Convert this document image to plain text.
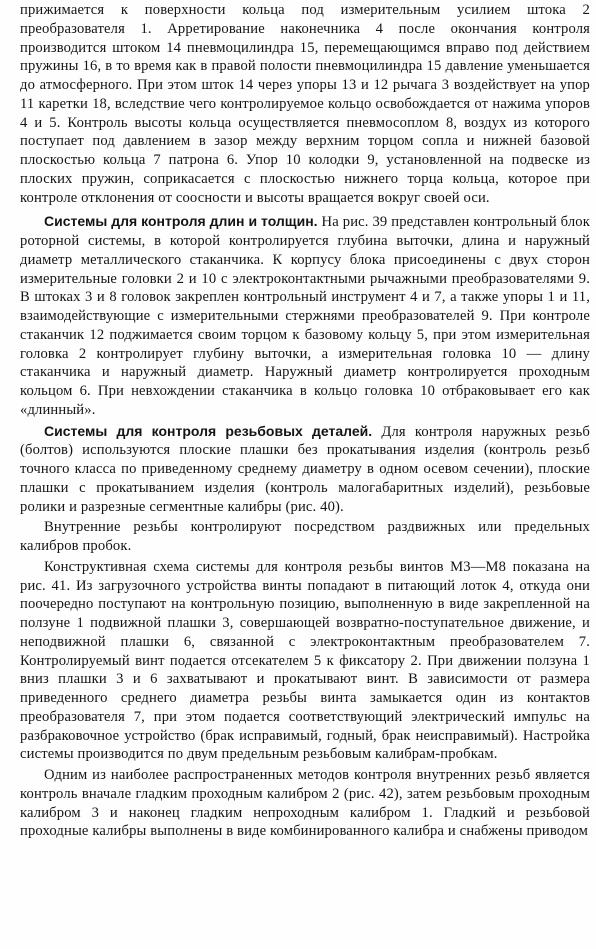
прижимается к поверхности кольца под измерительным усилием штока 2 преобразователя 1. Арретирование наконечника 4 после окончания контроля производится штоком 14 пневмоцилиндра 15, перемещающимся вправо под действием пружины 16, в то время как в правой полости пневмоцилиндра 15 давление уменьшается до атмосферного. При этом шток 14 через упоры 13 и 12 рычага 3 воздействует на упор 11 каретки 18, вследствие чего контролируемое кольцо освобождается от нажима упоров 4 и 5. Контроль высоты кольца осуществляется пневмосоплом 8, воздух из которого поступает под давлением в зазор между верхним торцом сопла и нижней базовой плоскостью кольца 7 патрона 6. Упор 10 колодки 9, установленной на подвеске из плоских пружин, соприкасается с плоскостью нижнего торца кольца, которое при контроле отклонения от соосности и высоты вращается вокруг своей оси.

Системы для контроля длин и толщин. На рис. 39 представлен контрольный блок роторной системы, в которой контролируется глубина выточки, длина и наружный диаметр металлического стаканчика. К корпусу блока присоединены с двух сторон измерительные головки 2 и 10 с электроконтактными рычажными преобразователями 9. В штоках 3 и 8 головок закреплен контрольный инструмент 4 и 7, а также упоры 1 и 11, взаимодействующие с измерительными стержнями преобразователей 9. При контроле стаканчик 12 поджимается своим торцом к базовому кольцу 5, при этом измерительная головка 2 контролирует глубину выточки, а измерительная головка 10 — длину стаканчика и наружный диаметр. Наружный диаметр контролируется проходным кольцом 6. При невхождении стаканчика в кольцо головка 10 отбраковывает его как «длинный».

Системы для контроля резьбовых деталей. Для контроля наружных резьб (болтов) используются плоские плашки без прокатывания изделия (контроль резьб точного класса по приведенному среднему диаметру в одном осевом сечении), плоские плашки с прокатыванием изделия (контроль малогабаритных изделий), резьбовые ролики и разрезные сегментные калибры (рис. 40).

Внутренние резьбы контролируют посредством раздвижных или предельных калибров пробок.

Конструктивная схема системы для контроля резьбы винтов М3—М8 показана на рис. 41. Из загрузочного устройства винты попадают в питающий лоток 4, откуда они поочередно поступают на контрольную позицию, выполненную в виде закрепленной на ползуне 1 подвижной плашки 3, совершающей возвратно-поступательное движение, и неподвижной плашки 6, связанной с электроконтактным преобразователем 7. Контролируемый винт подается отсекателем 5 к фиксатору 2. При движении ползуна 1 вниз плашки 3 и 6 захватывают и прокатывают винт. В зависимости от размера приведенного среднего диаметра резьбы винта замыкается один из контактов преобразователя 7, при этом подается соответствующий электрический импульс на разбраковочное устройство (брак исправимый, годный, брак неисправимый). Настройка системы производится по двум предельным резьбовым калибрам-пробкам.

Одним из наиболее распространенных методов контроля внутренних резьб является контроль вначале гладким проходным калибром 2 (рис. 42), затем резьбовым проходным калибром 3 и наконец гладким непроходным калибром 1. Гладкий и резьбовой проходные калибры выполнены в виде комбинированного калибра и снабжены приводом
